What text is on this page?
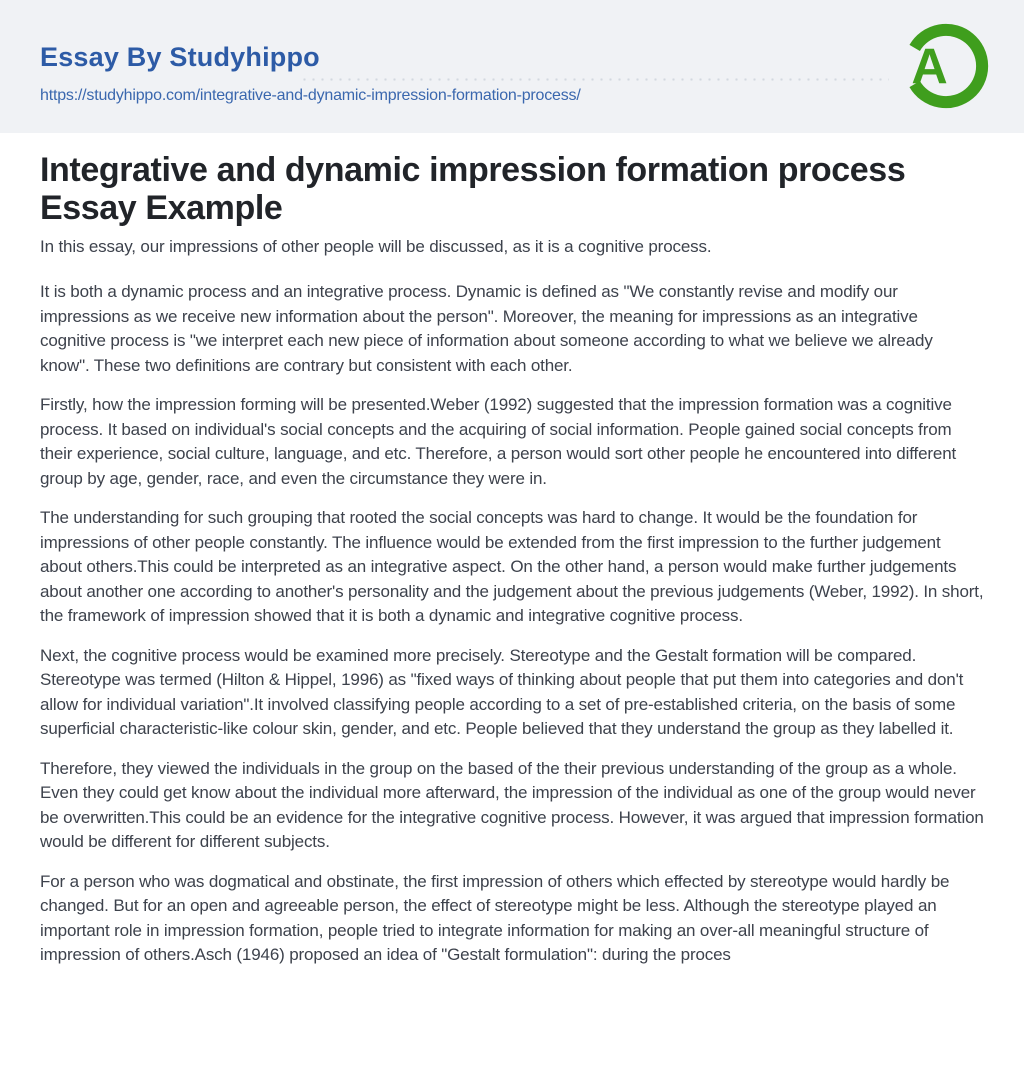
Essay By Studyhippo
https://studyhippo.com/integrative-and-dynamic-impression-formation-process/
A
Integrative and dynamic impression formation process Essay Example

In this essay, our impressions of other people will be discussed, as it is a cognitive process.

It is both a dynamic process and an integrative process. Dynamic is defined as "We constantly revise and modify our impressions as we receive new information about the person". Moreover, the meaning for impressions as an integrative cognitive process is "we interpret each new piece of information about someone according to what we believe we already know". These two definitions are contrary but consistent with each other.

Firstly, how the impression forming will be presented.Weber (1992) suggested that the impression formation was a cognitive process. It based on individual's social concepts and the acquiring of social information. People gained social concepts from their experience, social culture, language, and etc. Therefore, a person would sort other people he encountered into different group by age, gender, race, and even the circumstance they were in.

The understanding for such grouping that rooted the social concepts was hard to change. It would be the foundation for impressions of other people constantly. The influence would be extended from the first impression to the further judgement about others.This could be interpreted as an integrative aspect. On the other hand, a person would make further judgements about another one according to another's personality and the judgement about the previous judgements (Weber, 1992). In short, the framework of impression showed that it is both a dynamic and integrative cognitive process.

Next, the cognitive process would be examined more precisely. Stereotype and the Gestalt formation will be compared. Stereotype was termed (Hilton & Hippel, 1996) as "fixed ways of thinking about people that put them into categories and don't allow for individual variation".It involved classifying people according to a set of pre-established criteria, on the basis of some superficial characteristic-like colour skin, gender, and etc. People believed that they understand the group as they labelled it.

Therefore, they viewed the individuals in the group on the based of the their previous understanding of the group as a whole. Even they could get know about the individual more afterward, the impression of the individual as one of the group would never be overwritten.This could be an evidence for the integrative cognitive process. However, it was argued that impression formation would be different for different subjects.

For a person who was dogmatical and obstinate, the first impression of others which effected by stereotype would hardly be changed. But for an open and agreeable person, the effect of stereotype might be less. Although the stereotype played an important role in impression formation, people tried to integrate information for making an over-all meaningful structure of impression of others.Asch (1946) proposed an idea of "Gestalt formulation": during the proces
